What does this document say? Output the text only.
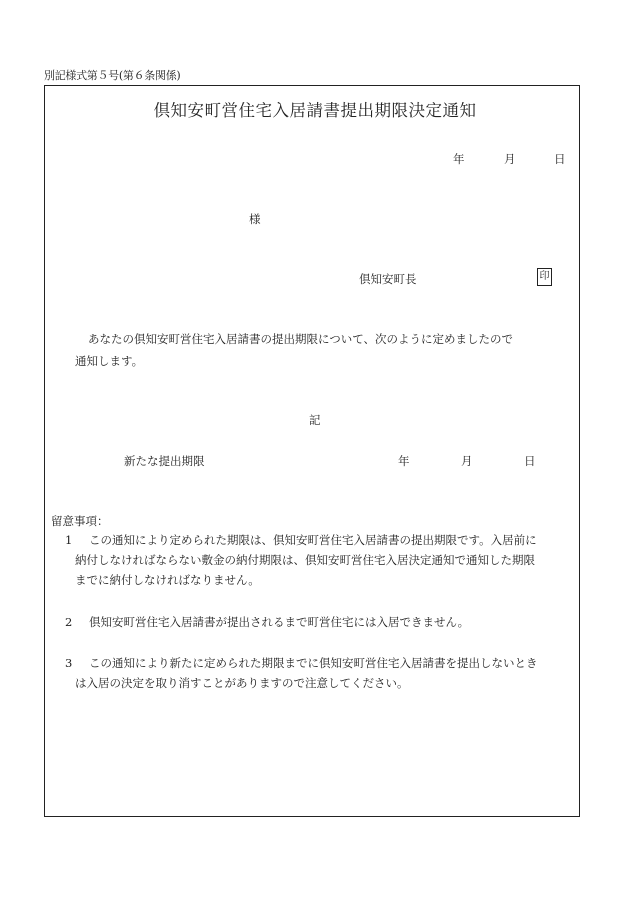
別記様式第５号(第６条関係)
倶知安町営住宅入居請書提出期限決定通知
年	月	日
様
倶知安町長	印
あなたの倶知安町営住宅入居請書の提出期限について、次のように定めましたので
通知します。
記
新たな提出期限	年	月	日
留意事項：
1 この通知により定められた期限は、倶知安町営住宅入居請書の提出期限です。入居前に
納付しなければならない敷金の納付期限は、倶知安町営住宅入居決定通知で通知した期限
までに納付しなければなりません。
2 倶知安町営住宅入居請書が提出されるまで町営住宅には入居できません。
3 この通知により新たに定められた期限までに倶知安町営住宅入居請書を提出しないとき
は入居の決定を取り消すことがありますので注意してください。
